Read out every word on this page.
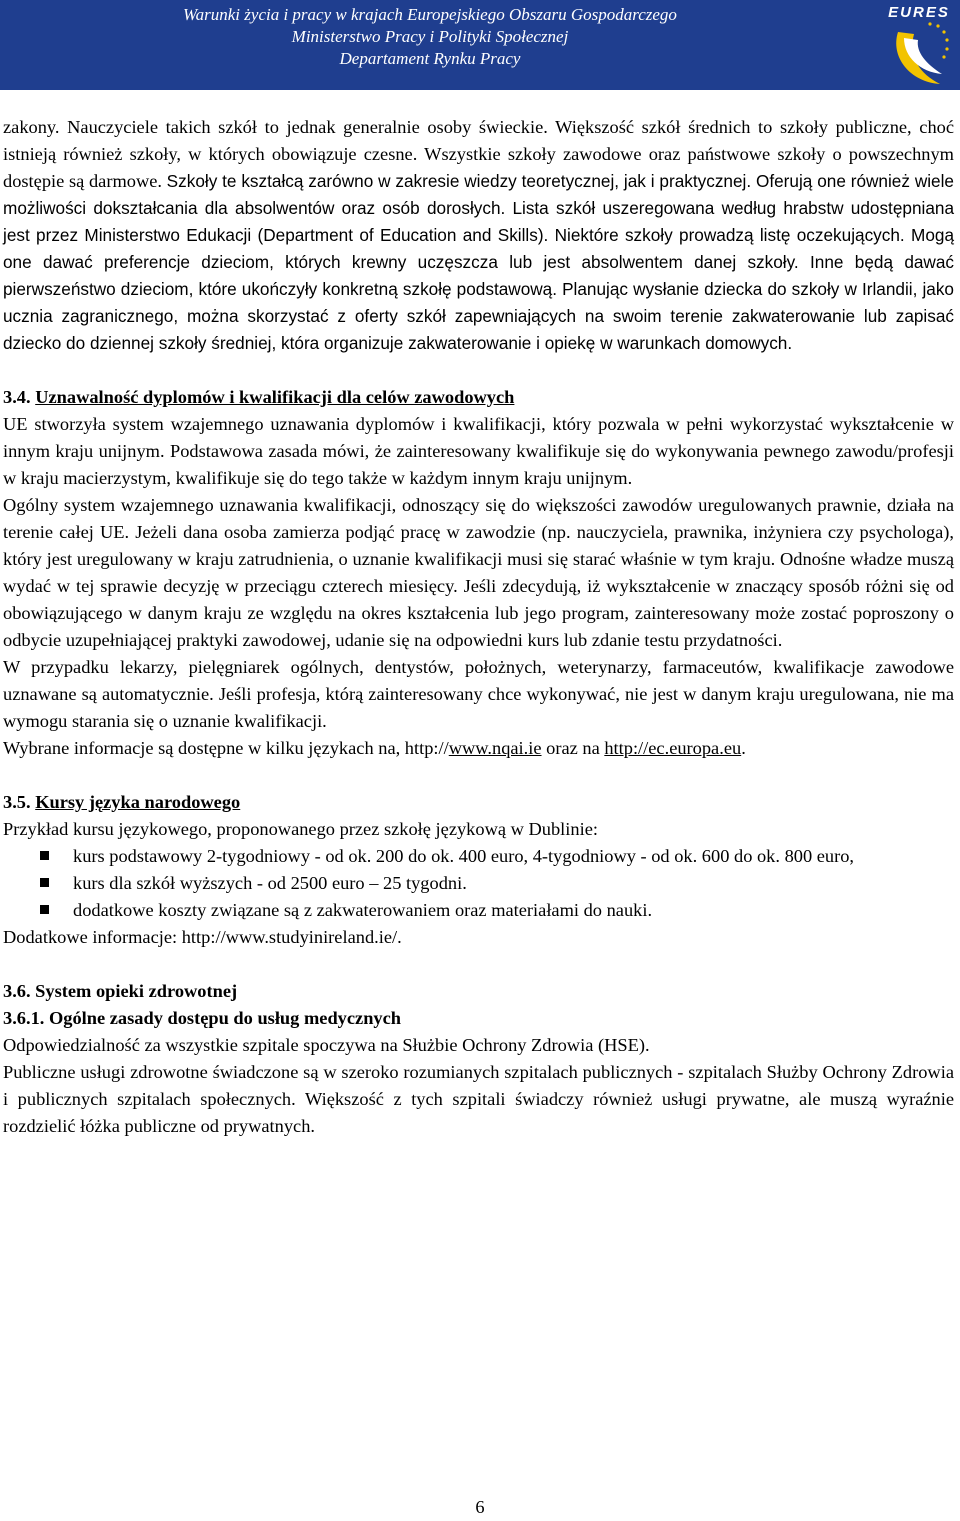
Warunki życia i pracy w krajach Europejskiego Obszaru Gospodarczego
Ministerstwo Pracy i Polityki Społecznej
Departament Rynku Pracy
EURES

zakony. Nauczyciele takich szkół to jednak generalnie osoby świeckie. Większość szkół średnich to szkoły publiczne, choć istnieją również szkoły, w których obowiązuje czesne. Wszystkie szkoły zawodowe oraz państwowe szkoły o powszechnym dostępie są darmowe. Szkoły te kształcą zarówno w zakresie wiedzy teoretycznej, jak i praktycznej. Oferują one również wiele możliwości dokształcania dla absolwentów oraz osób dorosłych. Lista szkół uszeregowana według hrabstw udostępniana jest przez Ministerstwo Edukacji (Department of Education and Skills). Niektóre szkoły prowadzą listę oczekujących. Mogą one dawać preferencje dzieciom, których krewny uczęszcza lub jest absolwentem danej szkoły. Inne będą dawać pierwszeństwo dzieciom, które ukończyły konkretną szkołę podstawową. Planując wysłanie dziecka do szkoły w Irlandii, jako ucznia zagranicznego, można skorzystać z oferty szkół zapewniających na swoim terenie zakwaterowanie lub zapisać dziecko do dziennej szkoły średniej, która organizuje zakwaterowanie i opiekę w warunkach domowych.

3.4. Uznawalność dyplomów i kwalifikacji dla celów zawodowych

UE stworzyła system wzajemnego uznawania dyplomów i kwalifikacji, który pozwala w pełni wykorzystać wykształcenie w innym kraju unijnym. Podstawowa zasada mówi, że zainteresowany kwalifikuje się do wykonywania pewnego zawodu/profesji w kraju macierzystym, kwalifikuje się do tego także w każdym innym kraju unijnym.

Ogólny system wzajemnego uznawania kwalifikacji, odnoszący się do większości zawodów uregulowanych prawnie, działa na terenie całej UE. Jeżeli dana osoba zamierza podjąć pracę w zawodzie (np. nauczyciela, prawnika, inżyniera czy psychologa), który jest uregulowany w kraju zatrudnienia, o uznanie kwalifikacji musi się starać właśnie w tym kraju. Odnośne władze muszą wydać w tej sprawie decyzję w przeciągu czterech miesięcy. Jeśli zdecydują, iż wykształcenie w znaczący sposób różni się od obowiązującego w danym kraju ze względu na okres kształcenia lub jego program, zainteresowany może zostać poproszony o odbycie uzupełniającej praktyki zawodowej, udanie się na odpowiedni kurs lub zdanie testu przydatności.

W przypadku lekarzy, pielęgniarek ogólnych, dentystów, położnych, weterynarzy, farmaceutów, kwalifikacje zawodowe uznawane są automatycznie. Jeśli profesja, którą zainteresowany chce wykonywać, nie jest w danym kraju uregulowana, nie ma wymogu starania się o uznanie kwalifikacji.

Wybrane informacje są dostępne w kilku językach na, http://www.nqai.ie oraz na http://ec.europa.eu.

3.5. Kursy języka narodowego

Przykład kursu językowego, proponowanego przez szkołę językową w Dublinie:

kurs podstawowy 2-tygodniowy - od ok. 200 do ok. 400 euro, 4-tygodniowy - od ok. 600 do ok. 800 euro,
kurs dla szkół wyższych - od 2500 euro – 25 tygodni.
dodatkowe koszty związane są z zakwaterowaniem oraz materiałami do nauki.

Dodatkowe informacje: http://www.studyinireland.ie/.

3.6. System opieki zdrowotnej
3.6.1. Ogólne zasady dostępu do usług medycznych

Odpowiedzialność za wszystkie szpitale spoczywa na Służbie Ochrony Zdrowia (HSE).

Publiczne usługi zdrowotne świadczone są w szeroko rozumianych szpitalach publicznych - szpitalach Służby Ochrony Zdrowia i publicznych szpitalach społecznych. Większość z tych szpitali świadczy również usługi prywatne, ale muszą wyraźnie rozdzielić łóżka publiczne od prywatnych.

6
